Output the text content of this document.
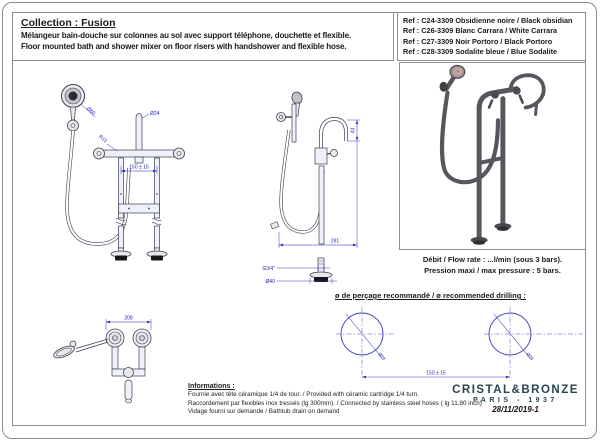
Collection : Fusion
Mélangeur bain-douche sur colonnes au sol avec support téléphone, douchette et flexible.
Floor mounted bath and shower mixer on floor risers with handshower and flexible hose.
Ref : C24-3309 Obsidienne noire / Black obsidian
Ref : C26-3309 Blanc Carrara / White Carrara
Ref : C27-3309 Noir Portoro / Black Portoro
Ref : C28-3309 Sodalite bleue / Blue Sodalite
Ø60	Ø24
R15
150 ± 15
43
291
G3/4"
Ø40
Débit / Flow rate : ...l/min (sous 3 bars).
Pression maxi / max pressure : 5 bars.
208
ø de perçage recommandé / ø recommended drilling :
Ø28	Ø28
150 ± 15
Informations :
Fournie avec tête céramique 1/4 de tour. / Provided with céramic cartridge 1/4 turn.
Raccordement par flexibles inox tressés (lg 300mm). / Connected by stainless steel hoses ( lg 11,80 inch)
Vidage fourni sur demande / Bathtub drain on demand
CRISTAL&BRONZE
PARIS - 1937
28/11/2019-1
